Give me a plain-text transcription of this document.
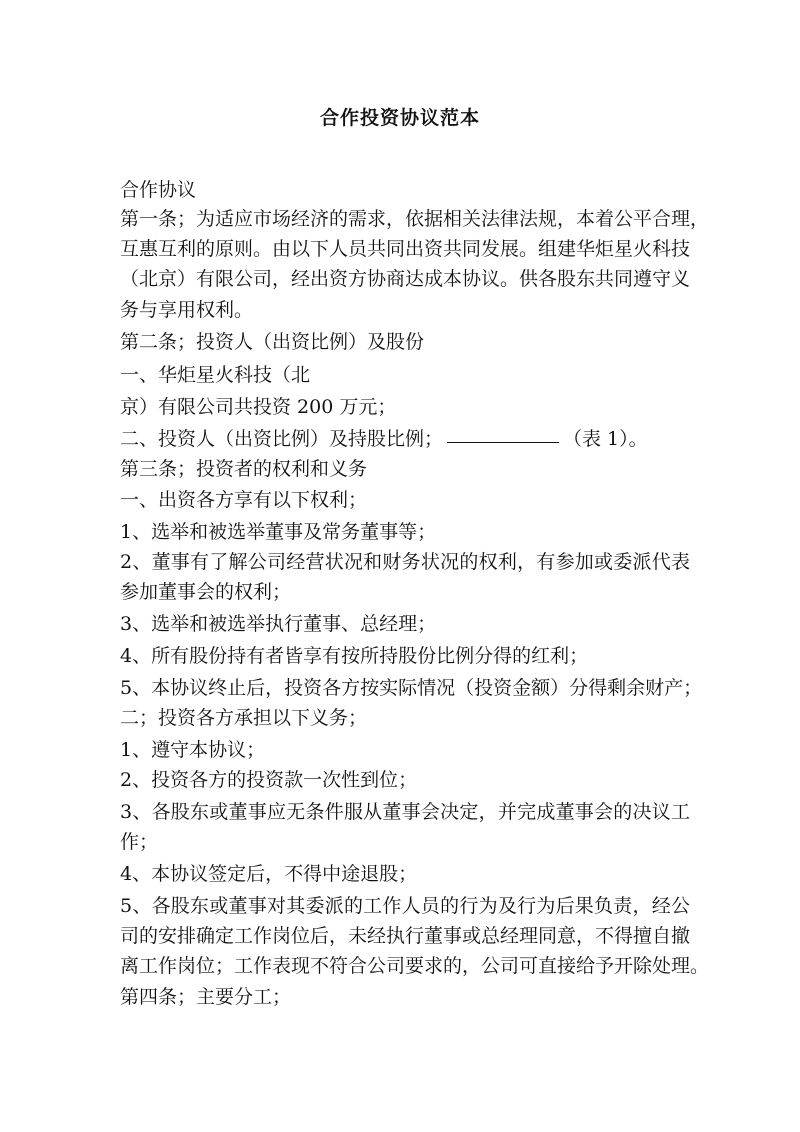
合作投资协议范本
合作协议
第一条；为适应市场经济的需求，依据相关法律法规，本着公平合理，
互惠互利的原则。由以下人员共同出资共同发展。组建华炬星火科技
（北京）有限公司，经出资方协商达成本协议。供各股东共同遵守义
务与享用权利。
第二条；投资人（出资比例）及股份
一、华炬星火科技（北
京）有限公司共投资 200 万元；
二、投资人（出资比例）及持股比例；	（表 1）。
第三条；投资者的权利和义务
一、出资各方享有以下权利；
1、选举和被选举董事及常务董事等；
2、董事有了解公司经营状况和财务状况的权利，有参加或委派代表
参加董事会的权利；
3、选举和被选举执行董事、总经理；
4、所有股份持有者皆享有按所持股份比例分得的红利；
5、本协议终止后，投资各方按实际情况（投资金额）分得剩余财产；
二；投资各方承担以下义务；
1、遵守本协议；
2、投资各方的投资款一次性到位；
3、各股东或董事应无条件服从董事会决定，并完成董事会的决议工
作；
4、本协议签定后，不得中途退股；
5、各股东或董事对其委派的工作人员的行为及行为后果负责，经公
司的安排确定工作岗位后，未经执行董事或总经理同意，不得擅自撤
离工作岗位；工作表现不符合公司要求的，公司可直接给予开除处理。
第四条；主要分工；
